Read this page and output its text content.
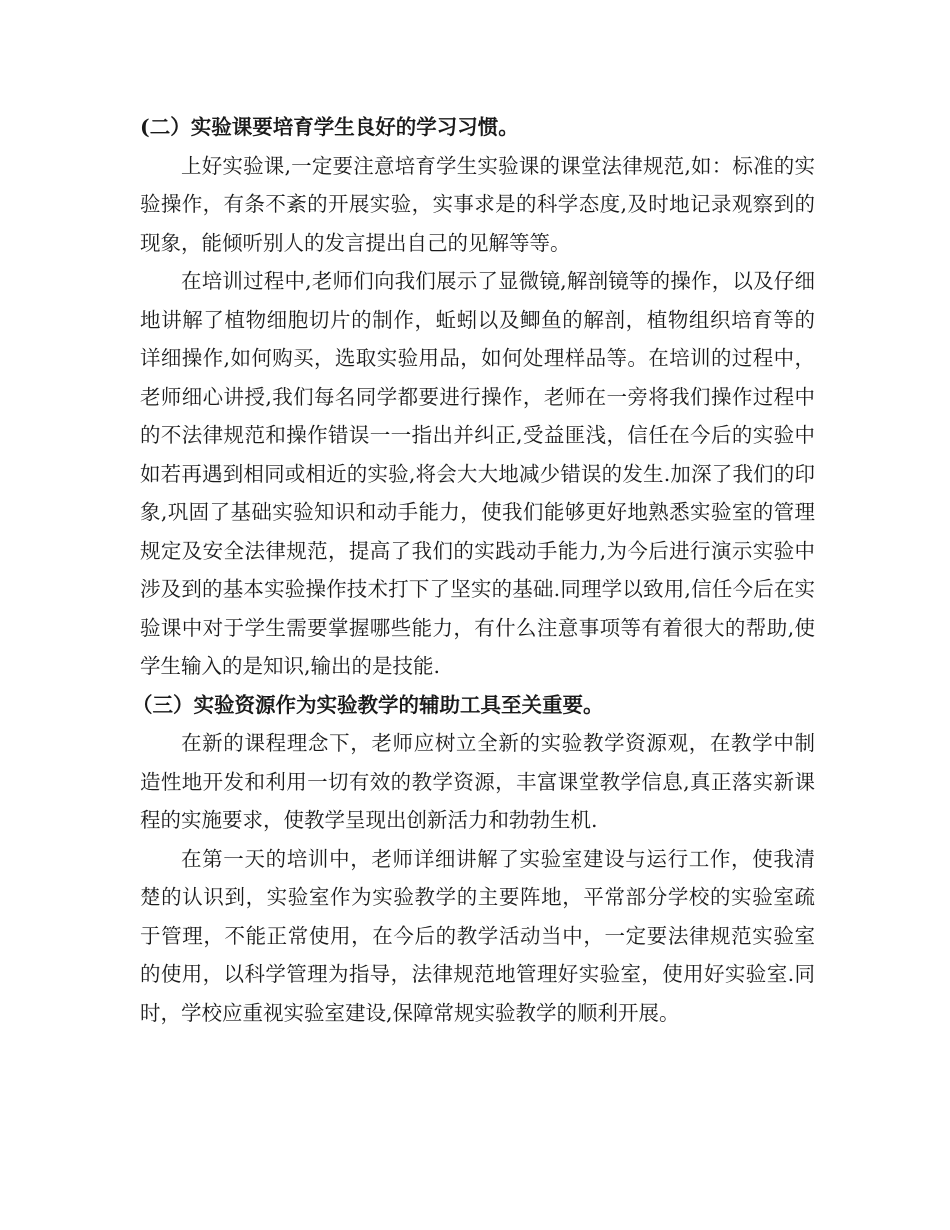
(二）实验课要培育学生良好的学习习惯。

上好实验课,一定要注意培育学生实验课的课堂法律规范,如：标准的实验操作，有条不紊的开展实验，实事求是的科学态度,及时地记录观察到的现象，能倾听别人的发言提出自己的见解等等。

在培训过程中,老师们向我们展示了显微镜,解剖镜等的操作，以及仔细地讲解了植物细胞切片的制作，蚯蚓以及鲫鱼的解剖，植物组织培育等的详细操作,如何购买，选取实验用品，如何处理样品等。在培训的过程中，老师细心讲授,我们每名同学都要进行操作，老师在一旁将我们操作过程中的不法律规范和操作错误一一指出并纠正,受益匪浅，信任在今后的实验中如若再遇到相同或相近的实验,将会大大地减少错误的发生.加深了我们的印象,巩固了基础实验知识和动手能力，使我们能够更好地熟悉实验室的管理规定及安全法律规范，提高了我们的实践动手能力,为今后进行演示实验中涉及到的基本实验操作技术打下了坚实的基础.同理学以致用,信任今后在实验课中对于学生需要掌握哪些能力，有什么注意事项等有着很大的帮助,使学生输入的是知识,输出的是技能.

（三）实验资源作为实验教学的辅助工具至关重要。

在新的课程理念下，老师应树立全新的实验教学资源观，在教学中制造性地开发和利用一切有效的教学资源，丰富课堂教学信息,真正落实新课程的实施要求，使教学呈现出创新活力和勃勃生机.

在第一天的培训中，老师详细讲解了实验室建设与运行工作，使我清楚的认识到，实验室作为实验教学的主要阵地，平常部分学校的实验室疏于管理，不能正常使用，在今后的教学活动当中，一定要法律规范实验室的使用，以科学管理为指导，法律规范地管理好实验室，使用好实验室.同时，学校应重视实验室建设,保障常规实验教学的顺利开展。
